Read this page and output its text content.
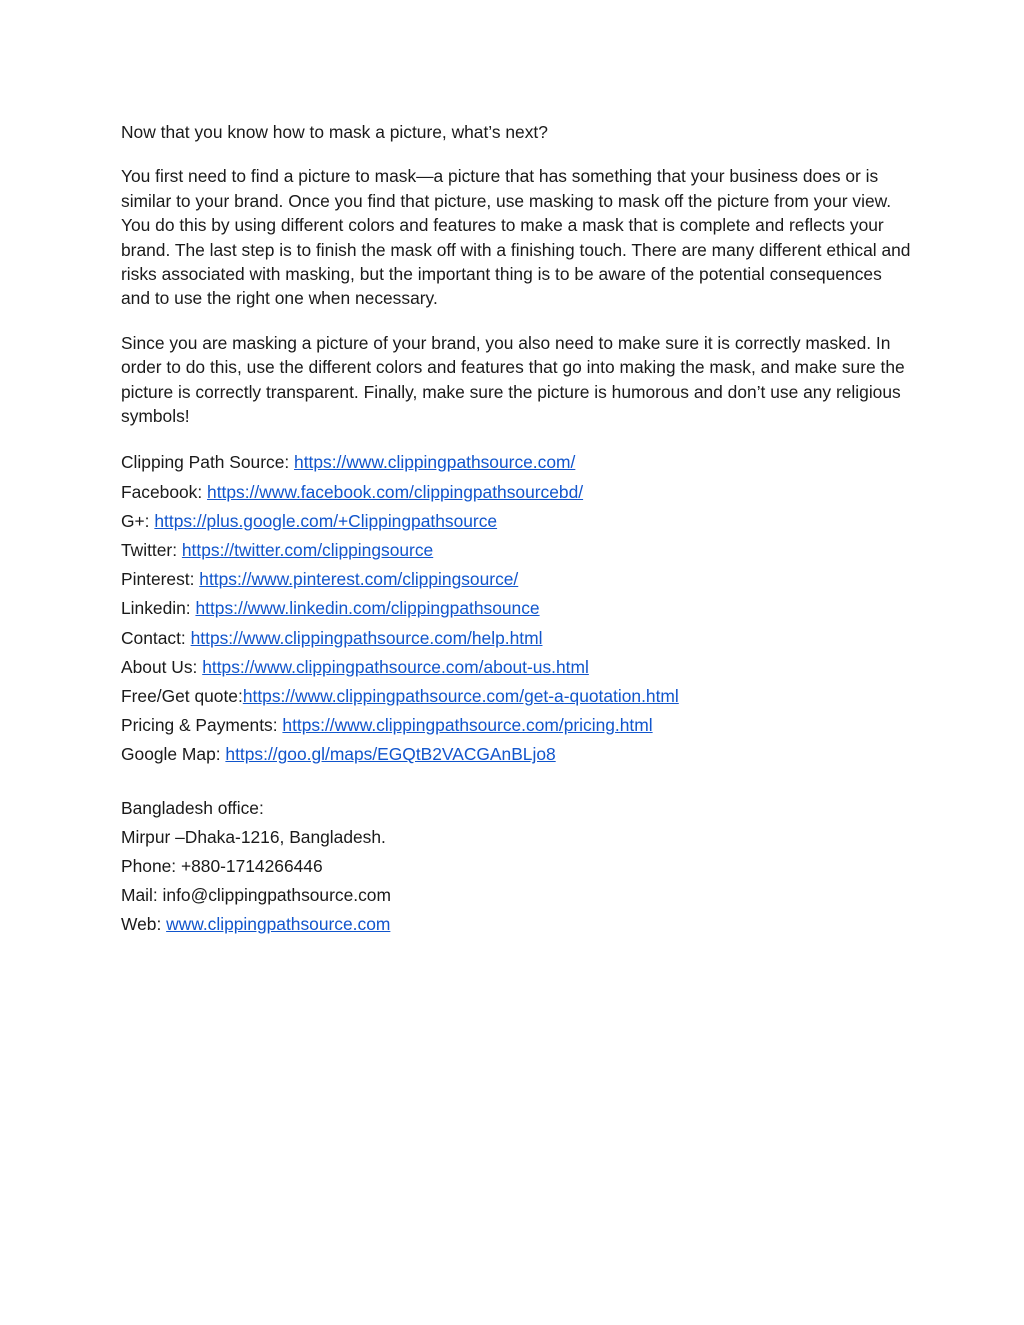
Now that you know how to mask a picture, what’s next?

You first need to find a picture to mask—a picture that has something that your business does or is similar to your brand. Once you find that picture, use masking to mask off the picture from your view. You do this by using different colors and features to make a mask that is complete and reflects your brand. The last step is to finish the mask off with a finishing touch. There are many different ethical and risks associated with masking, but the important thing is to be aware of the potential consequences and to use the right one when necessary.

Since you are masking a picture of your brand, you also need to make sure it is correctly masked. In order to do this, use the different colors and features that go into making the mask, and make sure the picture is correctly transparent. Finally, make sure the picture is humorous and don’t use any religious symbols!

Clipping Path Source: https://www.clippingpathsource.com/
Facebook: https://www.facebook.com/clippingpathsourcebd/
G+: https://plus.google.com/+Clippingpathsource
Twitter: https://twitter.com/clippingsource
Pinterest: https://www.pinterest.com/clippingsource/
Linkedin: https://www.linkedin.com/clippingpathsounce
Contact: https://www.clippingpathsource.com/help.html
About Us: https://www.clippingpathsource.com/about-us.html
Free/Get quote:https://www.clippingpathsource.com/get-a-quotation.html
Pricing & Payments: https://www.clippingpathsource.com/pricing.html
Google Map: https://goo.gl/maps/EGQtB2VACGAnBLjo8
Bangladesh office:
Mirpur –Dhaka-1216, Bangladesh.
Phone: +880-1714266446
Mail: info@clippingpathsource.com
Web: www.clippingpathsource.com
